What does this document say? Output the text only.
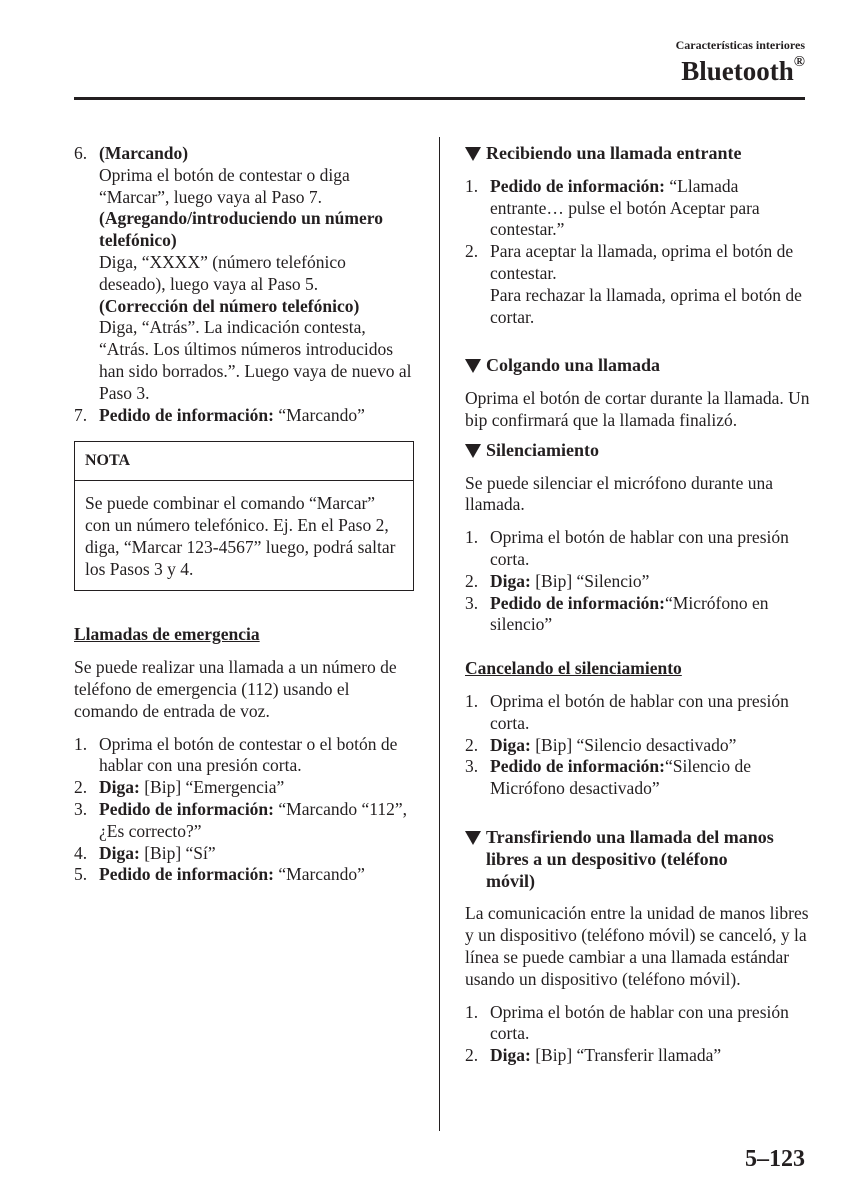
Características interiores
Bluetooth®
6. (Marcando)

Oprima el botón de contestar o diga “Marcar”, luego vaya al Paso 7.

(Agregando/introduciendo un número telefónico)

Diga, “XXXX” (número telefónico deseado), luego vaya al Paso 5.

(Corrección del número telefónico)

Diga, “Atrás”. La indicación contesta, “Atrás. Los últimos números introducidos han sido borrados.”. Luego vaya de nuevo al Paso 3.

7. Pedido de información: “Marcando”
NOTA
Se puede combinar el comando “Marcar” con un número telefónico. Ej. En el Paso 2, diga, “Marcar 123-4567” luego, podrá saltar los Pasos 3 y 4.

Llamadas de emergencia

Se puede realizar una llamada a un número de teléfono de emergencia (112) usando el comando de entrada de voz.

1. Oprima el botón de contestar o el botón de hablar con una presión corta.
2. Diga: [Bip] “Emergencia”
3. Pedido de información: “Marcando “112”, ¿Es correcto?”
4. Diga: [Bip] “Sí”
5. Pedido de información: “Marcando”
Recibiendo una llamada entrante
1. Pedido de información: “Llamada entrante… pulse el botón Aceptar para contestar.”
2. Para aceptar la llamada, oprima el botón de contestar.

Para rechazar la llamada, oprima el botón de cortar.

Colgando una llamada

Oprima el botón de cortar durante la llamada. Un bip confirmará que la llamada finalizó.

Silenciamiento

Se puede silenciar el micrófono durante una llamada.

1. Oprima el botón de hablar con una presión corta.
2. Diga: [Bip] “Silencio”
3. Pedido de información:“Micrófono en silencio”

Cancelando el silenciamiento

1. Oprima el botón de hablar con una presión corta.
2. Diga: [Bip] “Silencio desactivado”
3. Pedido de información:“Silencio de Micrófono desactivado”
Transfiriendo una llamada del manos libres a un despositivo (teléfono móvil)

La comunicación entre la unidad de manos libres y un dispositivo (teléfono móvil) se canceló, y la línea se puede cambiar a una llamada estándar usando un dispositivo (teléfono móvil).

1. Oprima el botón de hablar con una presión corta.
2. Diga: [Bip] “Transferir llamada”
5–123
